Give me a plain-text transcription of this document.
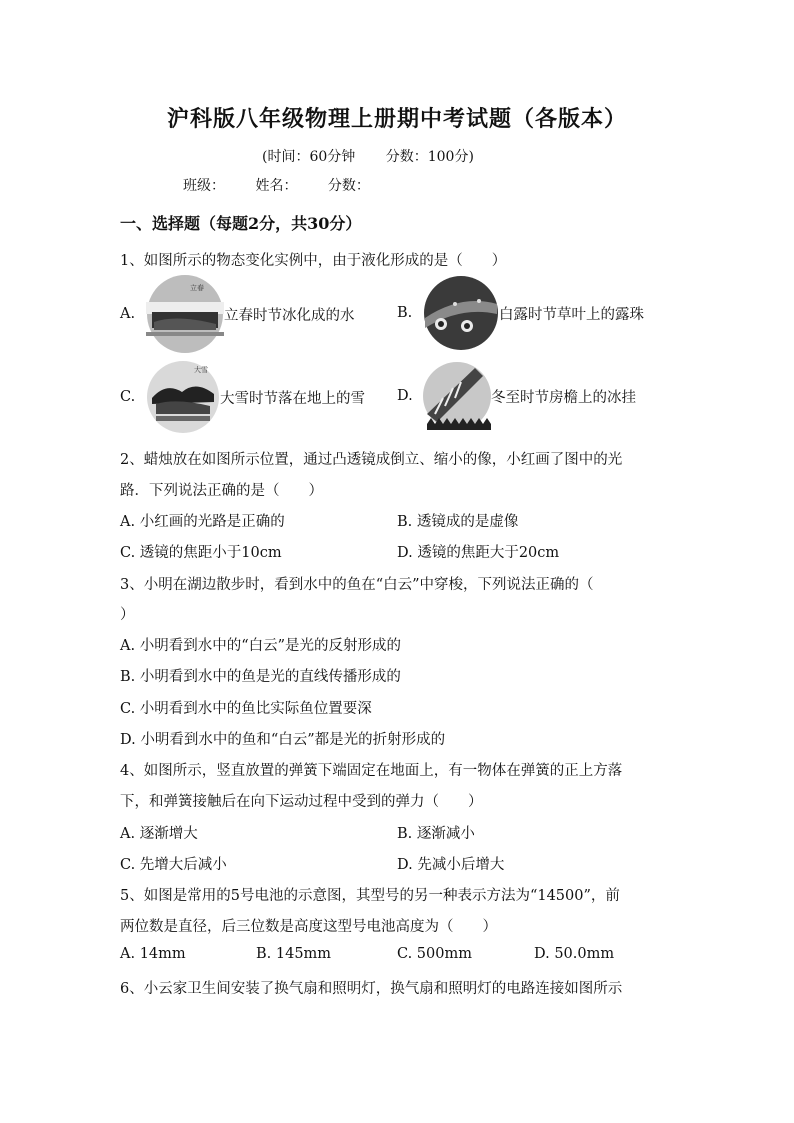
沪科版八年级物理上册期中考试题（各版本）
(时间：60分钟 分数：100分)
班级： 姓名： 分数：
一、选择题（每题2分，共30分）
1、如图所示的物态变化实例中，由于液化形成的是（　　）
A.
立春
立春时节冰化成的水	B.	白露时节草叶上的露珠
C.
大雪
大雪时节落在地上的雪 D.	冬至时节房檐上的冰挂
2、蜡烛放在如图所示位置，通过凸透镜成倒立、缩小的像，小红画了图中的光
路．下列说法正确的是（　　）
A. 小红画的光路是正确的	B. 透镜成的是虚像
C. 透镜的焦距小于10cm	D. 透镜的焦距大于20cm
3、小明在湖边散步时，看到水中的鱼在“白云”中穿梭，下列说法正确的（
）
A. 小明看到水中的“白云”是光的反射形成的
B. 小明看到水中的鱼是光的直线传播形成的
C. 小明看到水中的鱼比实际鱼位置要深
D. 小明看到水中的鱼和“白云”都是光的折射形成的
4、如图所示，竖直放置的弹簧下端固定在地面上，有一物体在弹簧的正上方落
下，和弹簧接触后在向下运动过程中受到的弹力（　　）
A. 逐渐增大	B. 逐渐减小
C. 先增大后减小	D. 先减小后增大
5、如图是常用的5号电池的示意图，其型号的另一种表示方法为“14500”，前
两位数是直径，后三位数是高度这型号电池高度为（　　）
A. 14mm	B. 145mm	C. 500mm	D. 50.0mm
6、小云家卫生间安装了换气扇和照明灯，换气扇和照明灯的电路连接如图所示
